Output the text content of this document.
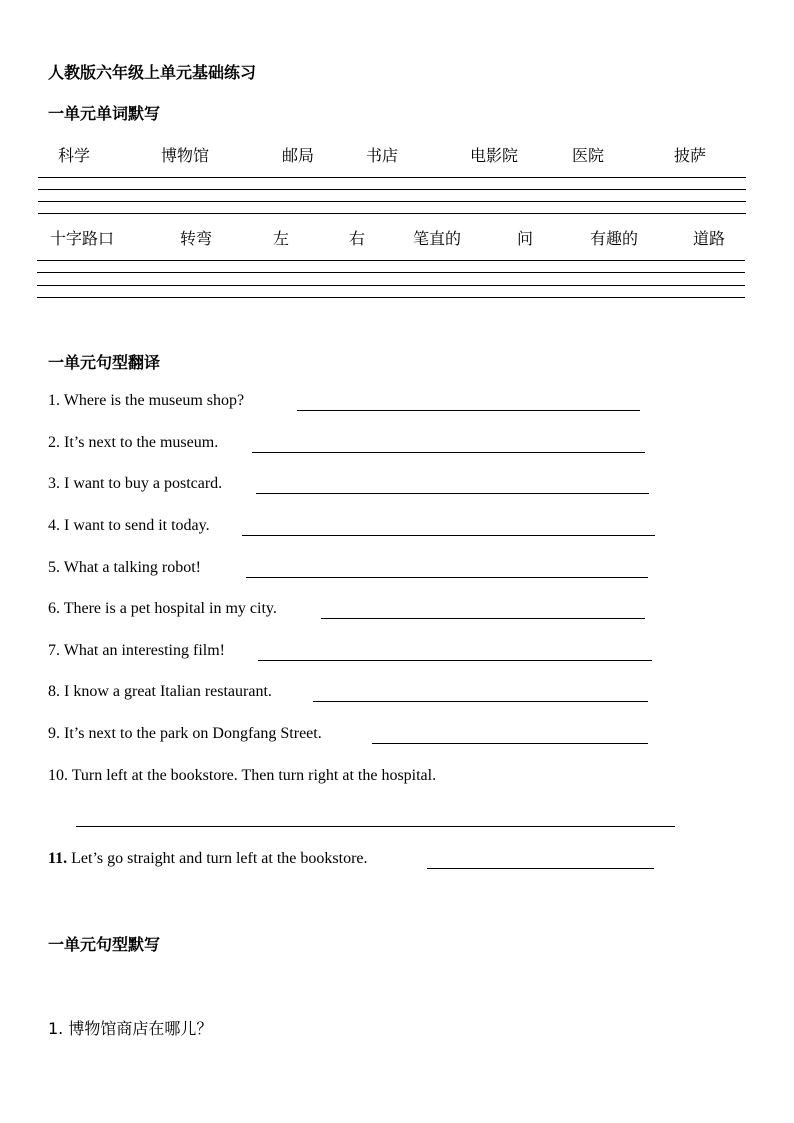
人教版六年级上单元基础练习
一单元单词默写
科学	博物馆	邮局	书店	电影院	医院	披萨
十字路口	转弯	左	右	笔直的	问	有趣的	道路
一单元句型翻译
1. Where is the museum shop?
2. It’s next to the museum.
3. I want to buy a postcard.
4. I want to send it today.
5. What a talking robot!
6. There is a pet hospital in my city.
7. What an interesting film!
8. I know a great Italian restaurant.
9. It’s next to the park on Dongfang Street.
10. Turn left at the bookstore. Then turn right at the hospital.
11. Let’s go straight and turn left at the bookstore.
一单元句型默写
1. 博物馆商店在哪儿？
